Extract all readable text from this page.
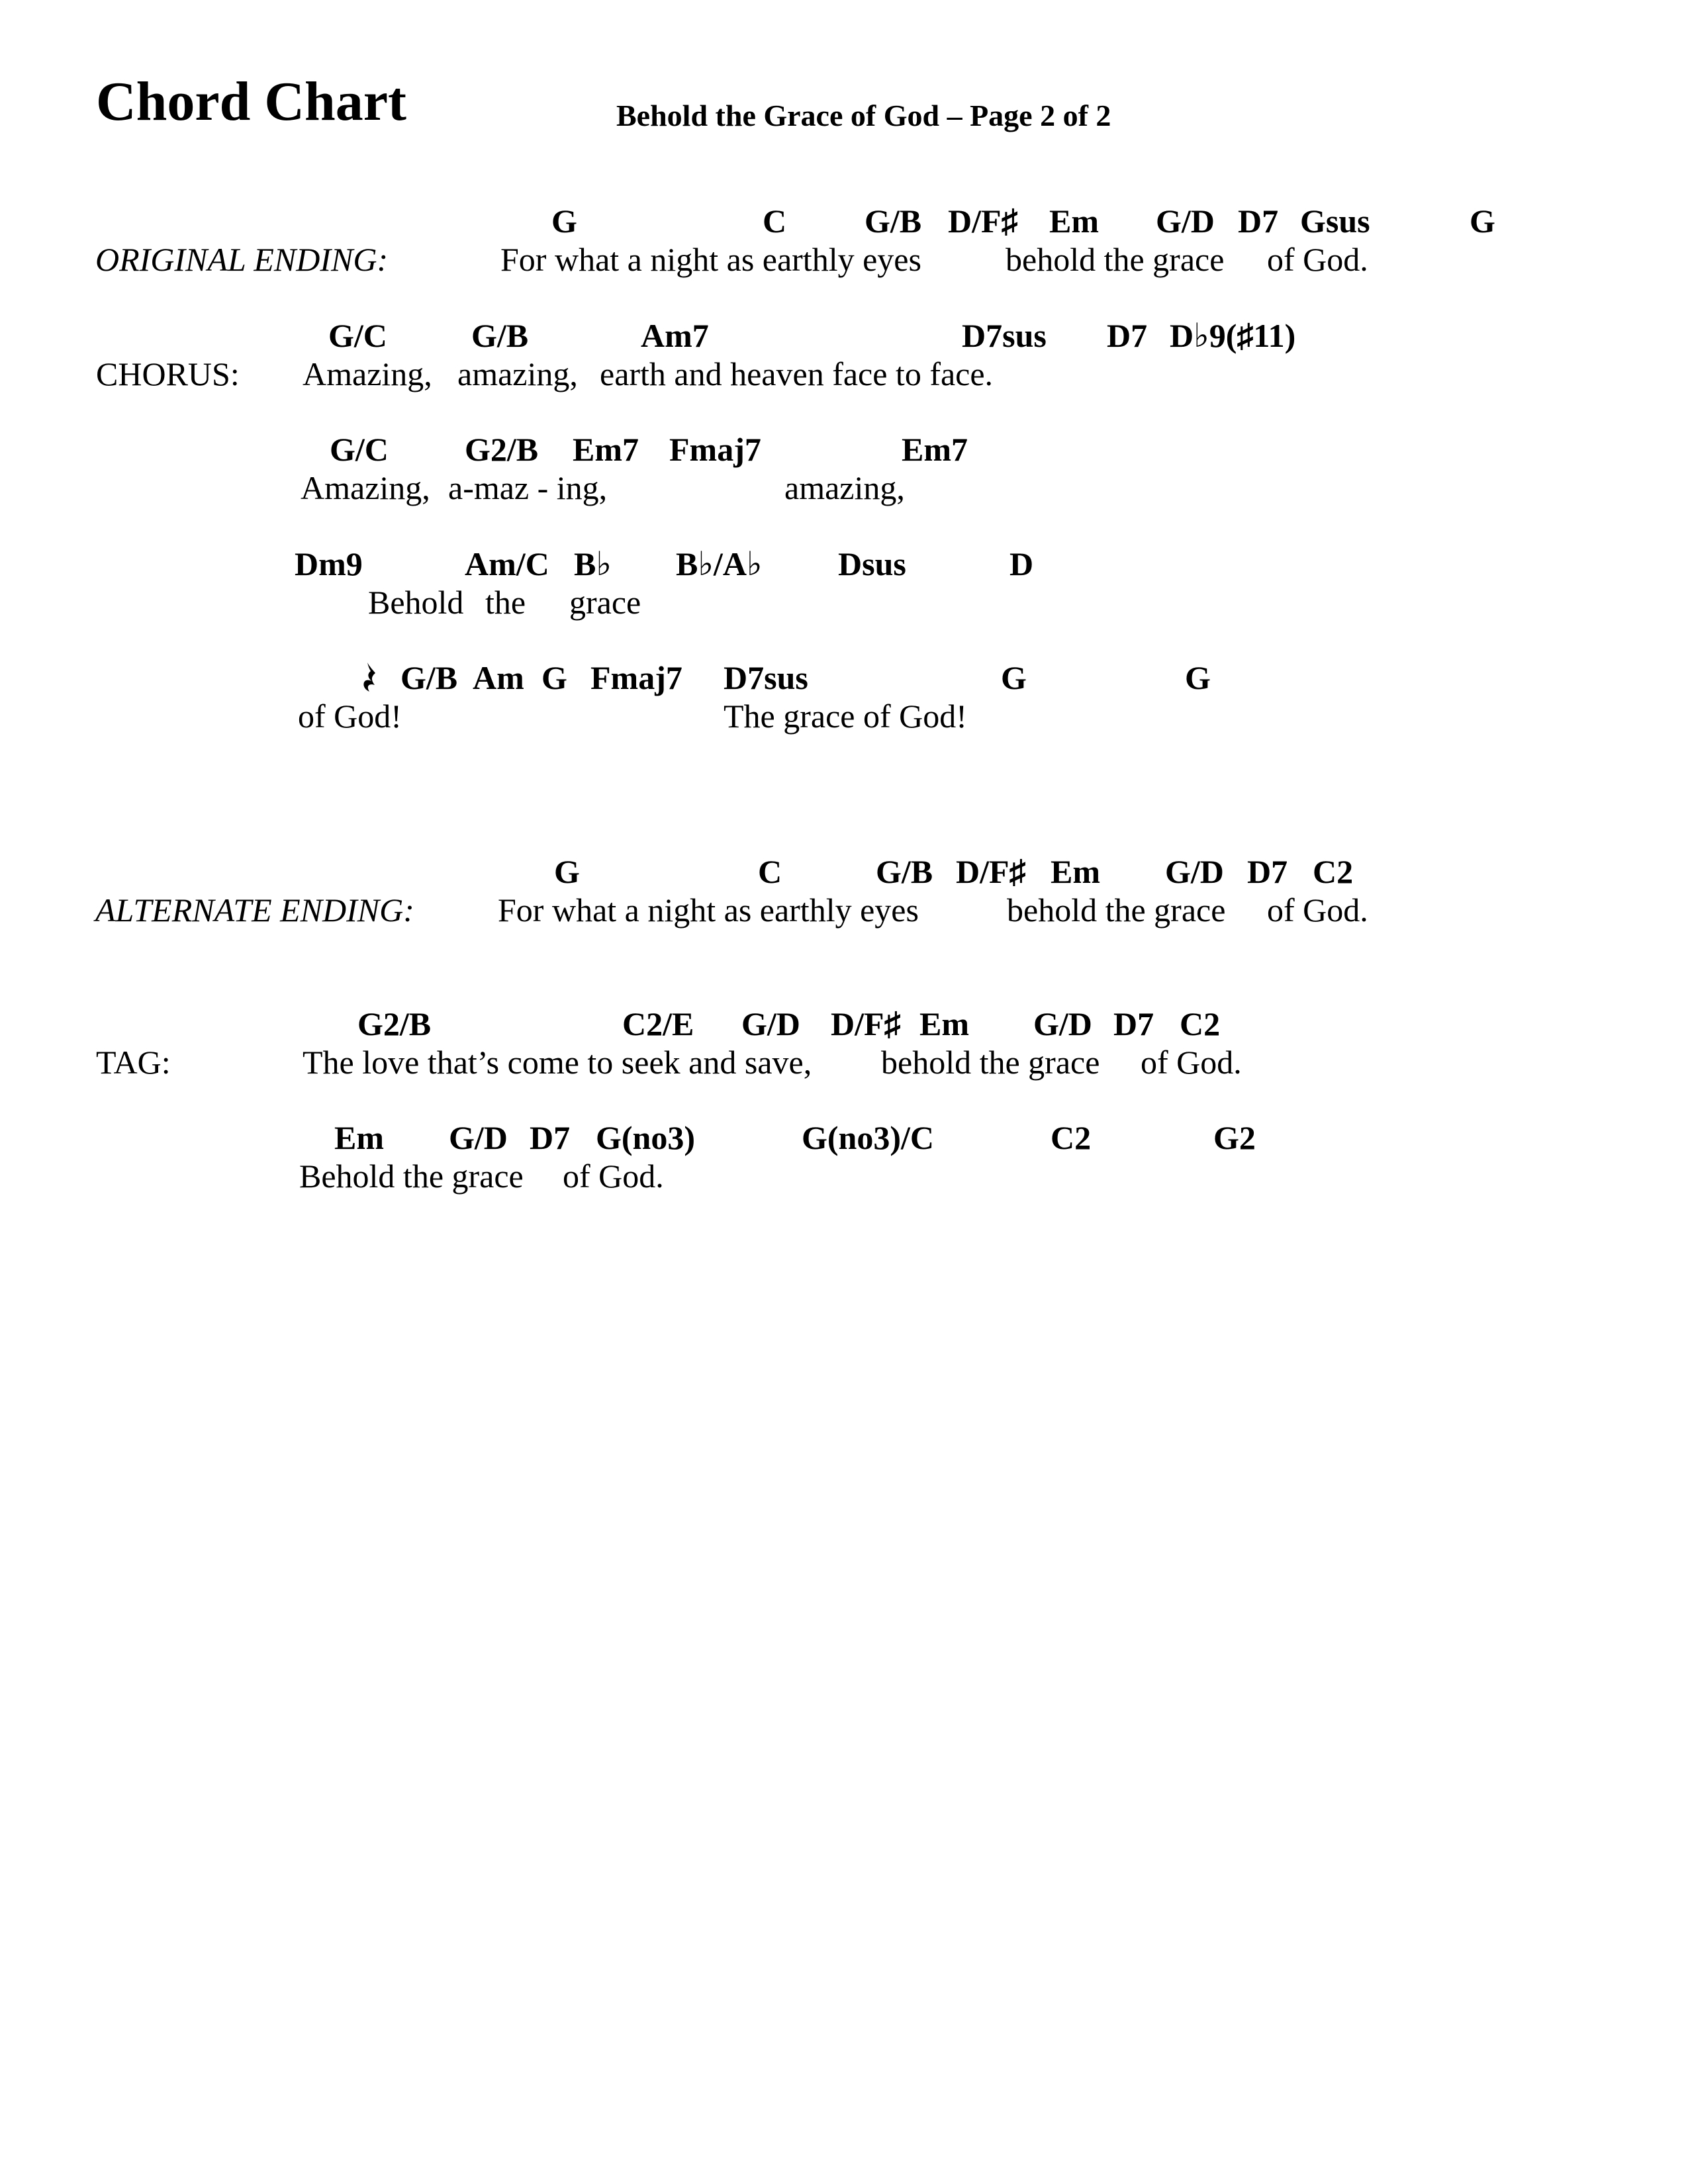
Chord Chart	Behold the Grace of God – Page 2 of 2
G	C G/B D/F♯ Em G/D D7 Gsus	G
ORIGINAL ENDING:	For what a night as earthly eyes	behold the grace of God.
G/C	G/B	Am7	D7sus D7 D♭9(♯11)
CHORUS: Amazing, amazing, earth and heaven face to face.
G/C G2/B Em7 Fmaj7	Em7
Amazing, a-maz - ing,	amazing,
Dm9	Am/C B♭ B♭/A♭ Dsus	D
Behold the grace
G/B Am G Fmaj7 D7sus	G	G
of God!	The grace of God!
G	C	G/B D/F♯ Em G/D D7 C2
ALTERNATE ENDING:	For what a night as earthly eyes	behold the grace of God.
G2/B	C2/E G/D D/F♯ Em G/D D7 C2
TAG:	The love that’s come to seek and save, behold the grace of God.
Em G/D D7 G(no3)	G(no3)/C	C2	G2
Behold the grace of God.
